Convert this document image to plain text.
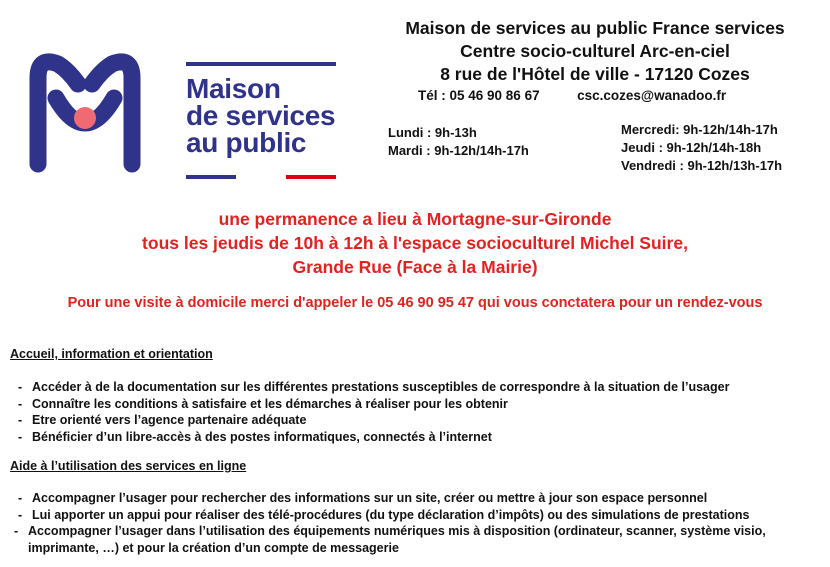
Maison
de services
au public
Maison de services au public France services
Centre socio-culturel Arc-en-ciel
8 rue de l'Hôtel de ville - 17120 Cozes
Tél : 05 46 90 86 67	csc.cozes@wanadoo.fr
Lundi : 9h-13h
Mardi : 9h-12h/14h-17h
Mercredi: 9h-12h/14h-17h
Jeudi : 9h-12h/14h-18h
Vendredi : 9h-12h/13h-17h
une permanence a lieu à Mortagne-sur-Gironde
tous les jeudis de 10h à 12h à l'espace socioculturel Michel Suire,
Grande Rue (Face à la Mairie)
Pour une visite à domicile merci d'appeler le 05 46 90 95 47 qui vous conctatera pour un rendez-vous
Accueil, information et orientation
- Accéder à de la documentation sur les différentes prestations susceptibles de correspondre à la situation de l’usager
- Connaître les conditions à satisfaire et les démarches à réaliser pour les obtenir
- Etre orienté vers l’agence partenaire adéquate
- Bénéficier d’un libre-accès à des postes informatiques, connectés à l’internet
Aide à l’utilisation des services en ligne
- Accompagner l’usager pour rechercher des informations sur un site, créer ou mettre à jour son espace personnel
- Lui apporter un appui pour réaliser des télé-procédures (du type déclaration d’impôts) ou des simulations de prestations
- Accompagner l’usager dans l’utilisation des équipements numériques mis à disposition (ordinateur, scanner, système visio, imprimante, …) et pour la création d’un compte de messagerie
